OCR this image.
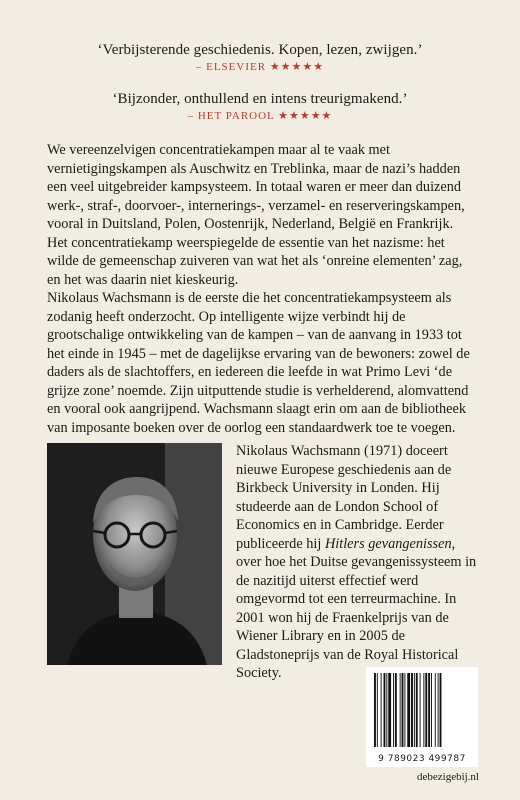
‘Verbijsterende geschiedenis. Kopen, lezen, zwijgen.’
– ELSEVIER ★★★★★
‘Bijzonder, onthullend en intens treurigmakend.’
– HET PAROOL ★★★★★

We vereenzelvigen concentratiekampen maar al te vaak met vernietigingskampen als Auschwitz en Treblinka, maar de nazi’s hadden een veel uitgebreider kampsysteem. In totaal waren er meer dan duizend werk-, straf-, doorvoer-, internerings-, verzamel- en reserveringskampen, vooral in Duitsland, Polen, Oostenrijk, Nederland, België en Frankrijk. Het concentratiekamp weerspiegelde de essentie van het nazisme: het wilde de gemeenschap zuiveren van wat het als ‘onreine elementen’ zag, en het was daarin niet kieskeurig.

Nikolaus Wachsmann is de eerste die het concentratiekampsysteem als zodanig heeft onderzocht. Op intelligente wijze verbindt hij de grootschalige ontwikkeling van de kampen – van de aanvang in 1933 tot het einde in 1945 – met de dagelijkse ervaring van de bewoners: zowel de daders als de slachtoffers, en iedereen die leefde in wat Primo Levi ‘de grijze zone’ noemde. Zijn uitputtende studie is verhelderend, alomvattend en vooral ook aangrijpend. Wachsmann slaagt erin om aan de bibliotheek van imposante boeken over de oorlog een standaardwerk toe te voegen.

Nikolaus Wachsmann (1971) doceert nieuwe Europese geschiedenis aan de Birkbeck University in Londen. Hij studeerde aan de London School of Economics en in Cambridge. Eerder publiceerde hij Hitlers gevangenissen, over hoe het Duitse gevangenissysteem in de nazitijd uiterst effectief werd omgevormd tot een terreurmachine. In 2001 won hij de Fraenkelprijs van de Wiener Library en in 2005 de Gladstoneprijs van de Royal Historical Society.
9 789023 499787
debezigebij.nl
